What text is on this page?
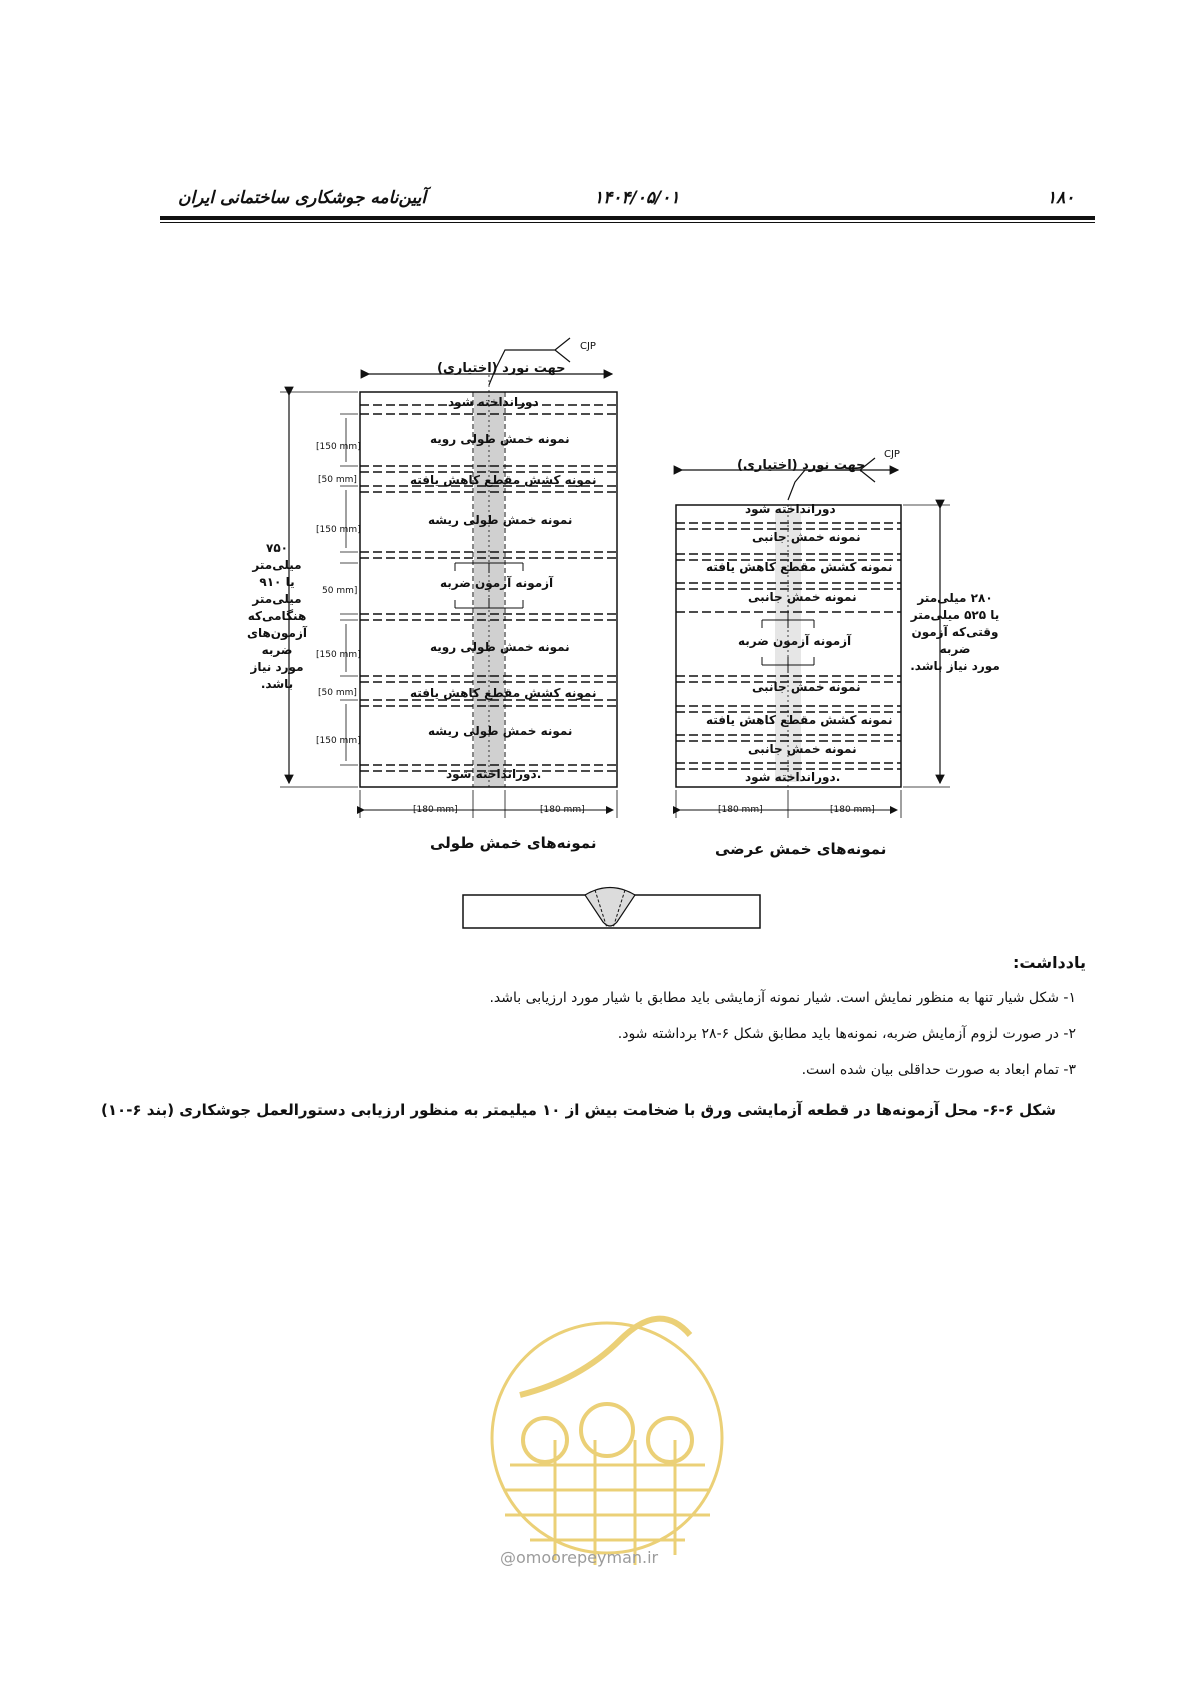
۱۸۰
۱۴۰۴/۰۵/۰۱
آیین‌نامه جوشکاری ساختمانی ایران
جهت نورد (اختیاری)
CJP
جهت نورد (اختیاری)
CJP
دورانداخته شود
نمونه خمش طولی رویه
نمونه کشش مقطع کاهش یافته
نمونه خمش طولی ریشه
آزمونه آزمون ضربه
نمونه خمش طولی رویه
نمونه کشش مقطع کاهش یافته
نمونه خمش طولی ریشه
دورانداخته شود.
[150 mm]
[50 mm]
[150 mm]
50 mm]
[150 mm]
[50 mm]
[150 mm]
[180 mm]	[180 mm]
۷۵۰ میلی‌متر
یا ۹۱۰ میلی‌متر
هنگامی‌که
آزمون‌های ضربه
مورد نیاز باشد.
دورانداخته شود
نمونه خمش جانبی
نمونه کشش مقطع کاهش یافته
نمونه خمش جانبی
آزمونه آزمون ضربه
نمونه خمش جانبی
نمونه کشش مقطع کاهش یافته
نمونه خمش جانبی
دورانداخته شود.
[180 mm]	[180 mm]
۲۸۰ میلی‌متر
یا ۵۲۵ میلی‌متر
وقتی‌که آزمون ضربه
مورد نیاز باشد.
نمونه‌های خمش طولی	نمونه‌های خمش عرضی
یادداشت:
۱- شکل شیار تنها به منظور نمایش است. شیار نمونه آزمایشی باید مطابق با شیار مورد ارزیابی باشد.
۲- در صورت لزوم آزمایش ضربه، نمونه‌ها باید مطابق شکل ۶-۲۸ برداشته شود.
۳- تمام ابعاد به صورت حداقلی بیان شده است.
شکل ۶-۶- محل آزمونه‌ها در قطعه آزمایشی ورق با ضخامت بیش از ۱۰ میلیمتر به منظور ارزیابی دستورالعمل جوشکاری (بند ۶-۱۰)
@omoorepeyman.ir
